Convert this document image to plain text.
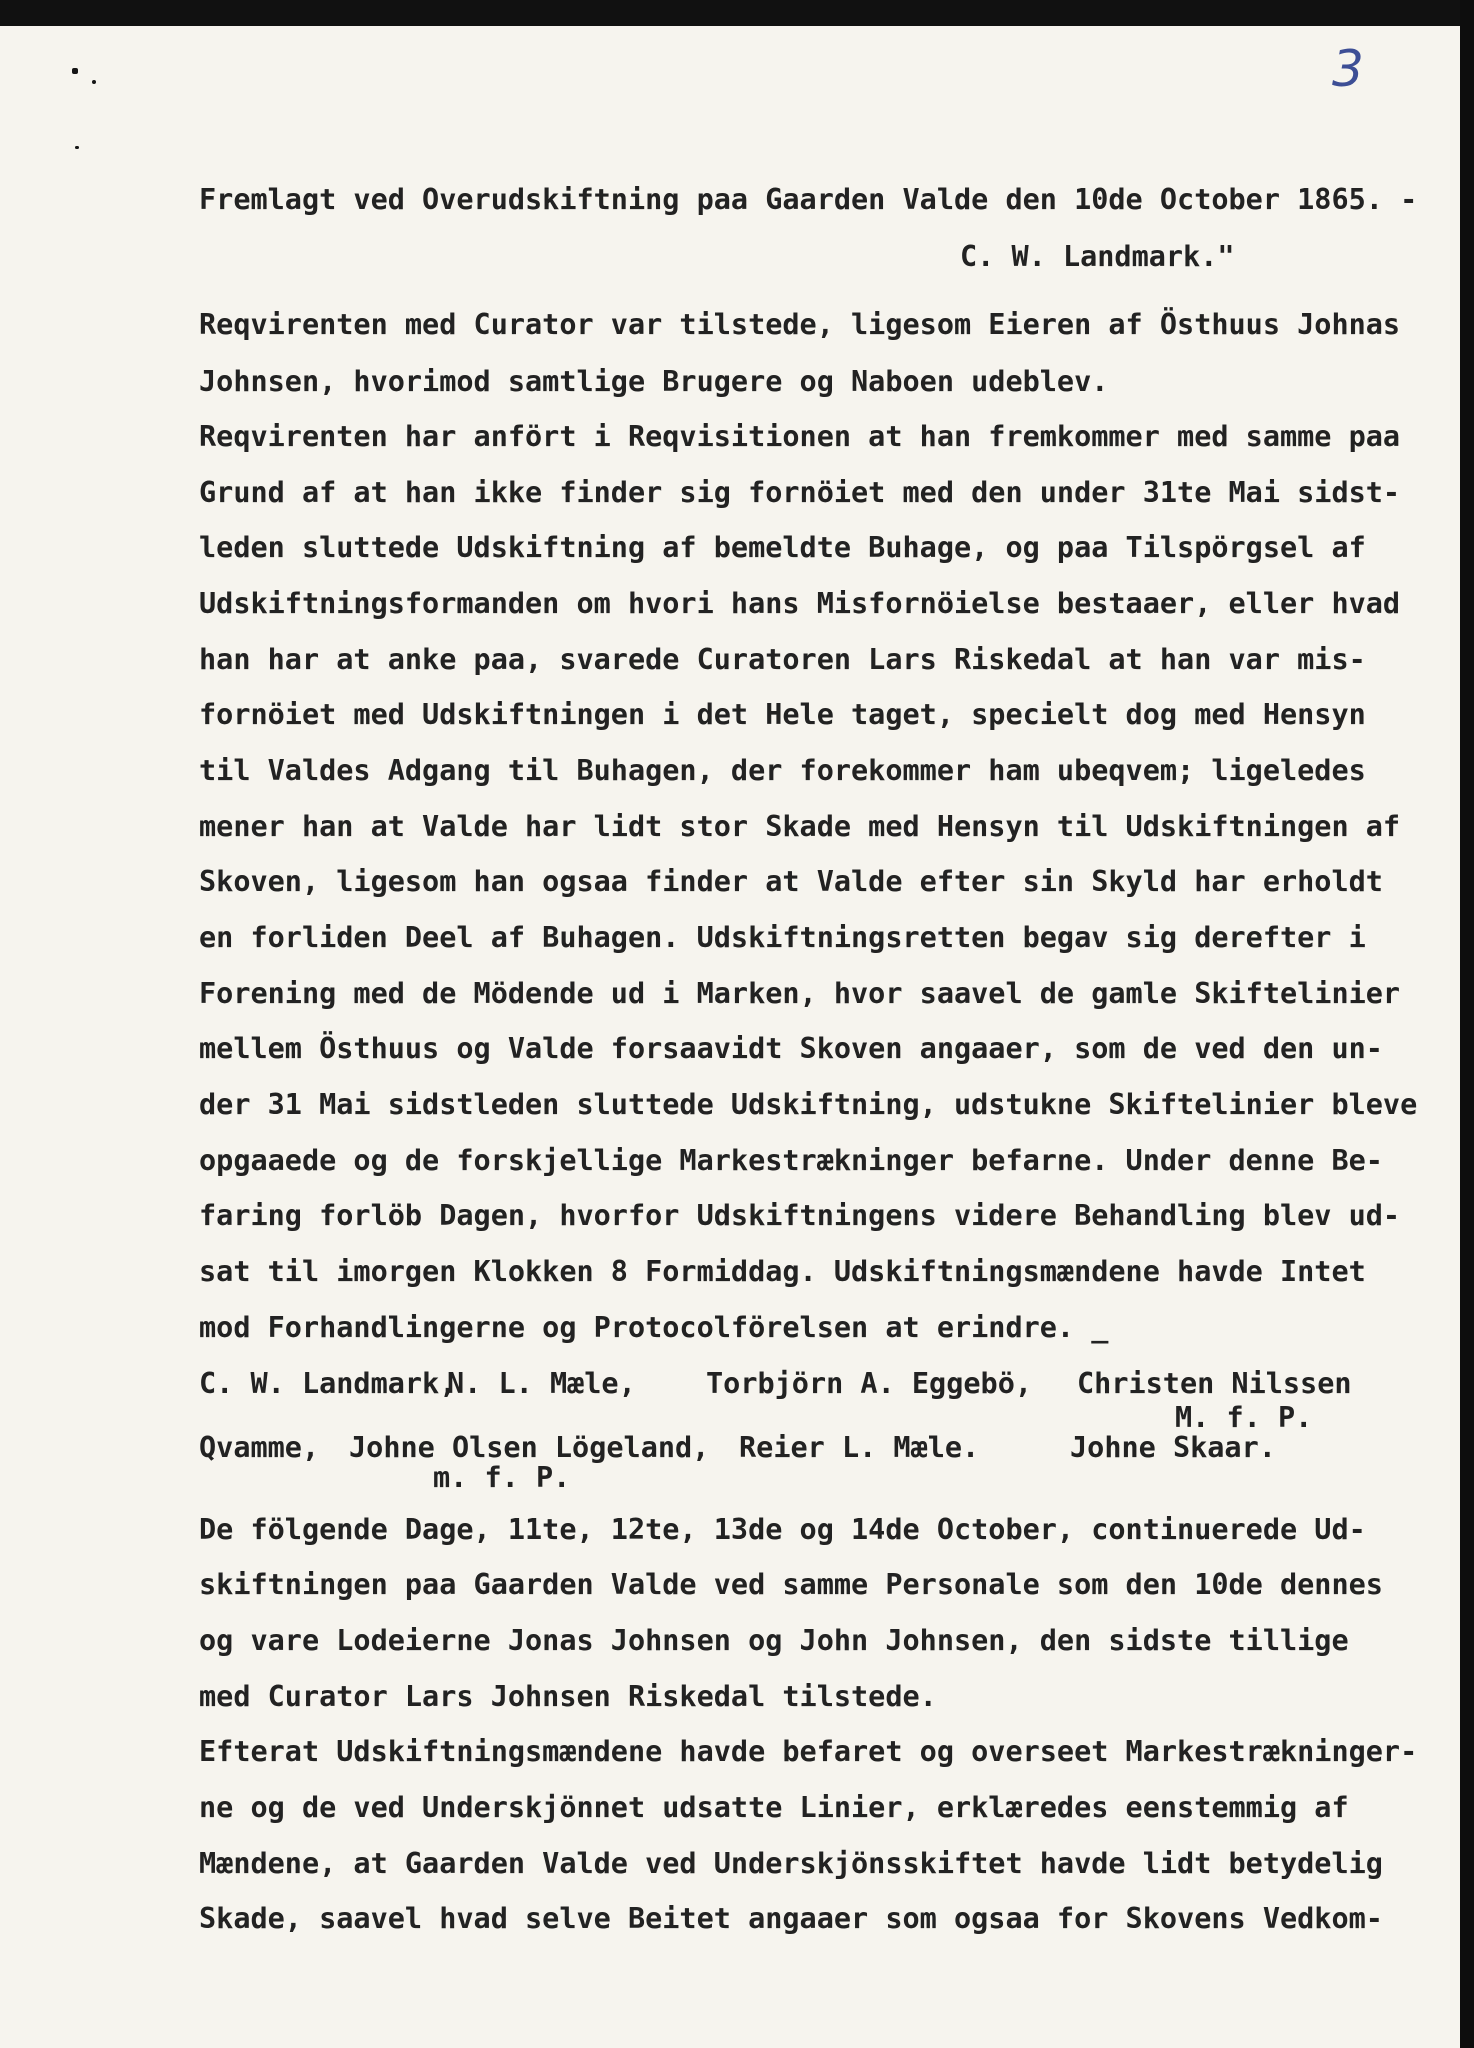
3
Fremlagt ved Overudskiftning paa Gaarden Valde den 10de October 1865. -
C. W. Landmark."
Reqvirenten med Curator var tilstede, ligesom Eieren af Östhuus Johnas
Johnsen, hvorimod samtlige Brugere og Naboen udeblev.
Reqvirenten har anfört i Reqvisitionen at han fremkommer med samme paa
Grund af at han ikke finder sig fornöiet med den under 31te Mai sidst-
leden sluttede Udskiftning af bemeldte Buhage, og paa Tilspörgsel af
Udskiftningsformanden om hvori hans Misfornöielse bestaaer, eller hvad
han har at anke paa, svarede Curatoren Lars Riskedal at han var mis-
fornöiet med Udskiftningen i det Hele taget, specielt dog med Hensyn
til Valdes Adgang til Buhagen, der forekommer ham ubeqvem; ligeledes
mener han at Valde har lidt stor Skade med Hensyn til Udskiftningen af
Skoven, ligesom han ogsaa finder at Valde efter sin Skyld har erholdt
en forliden Deel af Buhagen. Udskiftningsretten begav sig derefter i
Forening med de Mödende ud i Marken, hvor saavel de gamle Skiftelinier
mellem Östhuus og Valde forsaavidt Skoven angaaer, som de ved den un-
der 31 Mai sidstleden sluttede Udskiftning, udstukne Skiftelinier bleve
opgaaede og de forskjellige Markestrækninger befarne. Under denne Be-
faring forlöb Dagen, hvorfor Udskiftningens videre Behandling blev ud-
sat til imorgen Klokken 8 Formiddag. Udskiftningsmændene havde Intet
mod Forhandlingerne og Protocolförelsen at erindre. _
C. W. Landmark,
N. L. Mæle, Torbjörn A. Eggebö, Christen Nilssen
M. f. P.
Qvamme, Johne Olsen Lögeland, Reier L. Mæle.	Johne Skaar.
m. f. P.
De fölgende Dage, 11te, 12te, 13de og 14de October, continuerede Ud-
skiftningen paa Gaarden Valde ved samme Personale som den 10de dennes
og vare Lodeierne Jonas Johnsen og John Johnsen, den sidste tillige
med Curator Lars Johnsen Riskedal tilstede.
Efterat Udskiftningsmændene havde befaret og overseet Markestrækninger-
ne og de ved Underskjönnet udsatte Linier, erklæredes eenstemmig af
Mændene, at Gaarden Valde ved Underskjönsskiftet havde lidt betydelig
Skade, saavel hvad selve Beitet angaaer som ogsaa for Skovens Vedkom-
